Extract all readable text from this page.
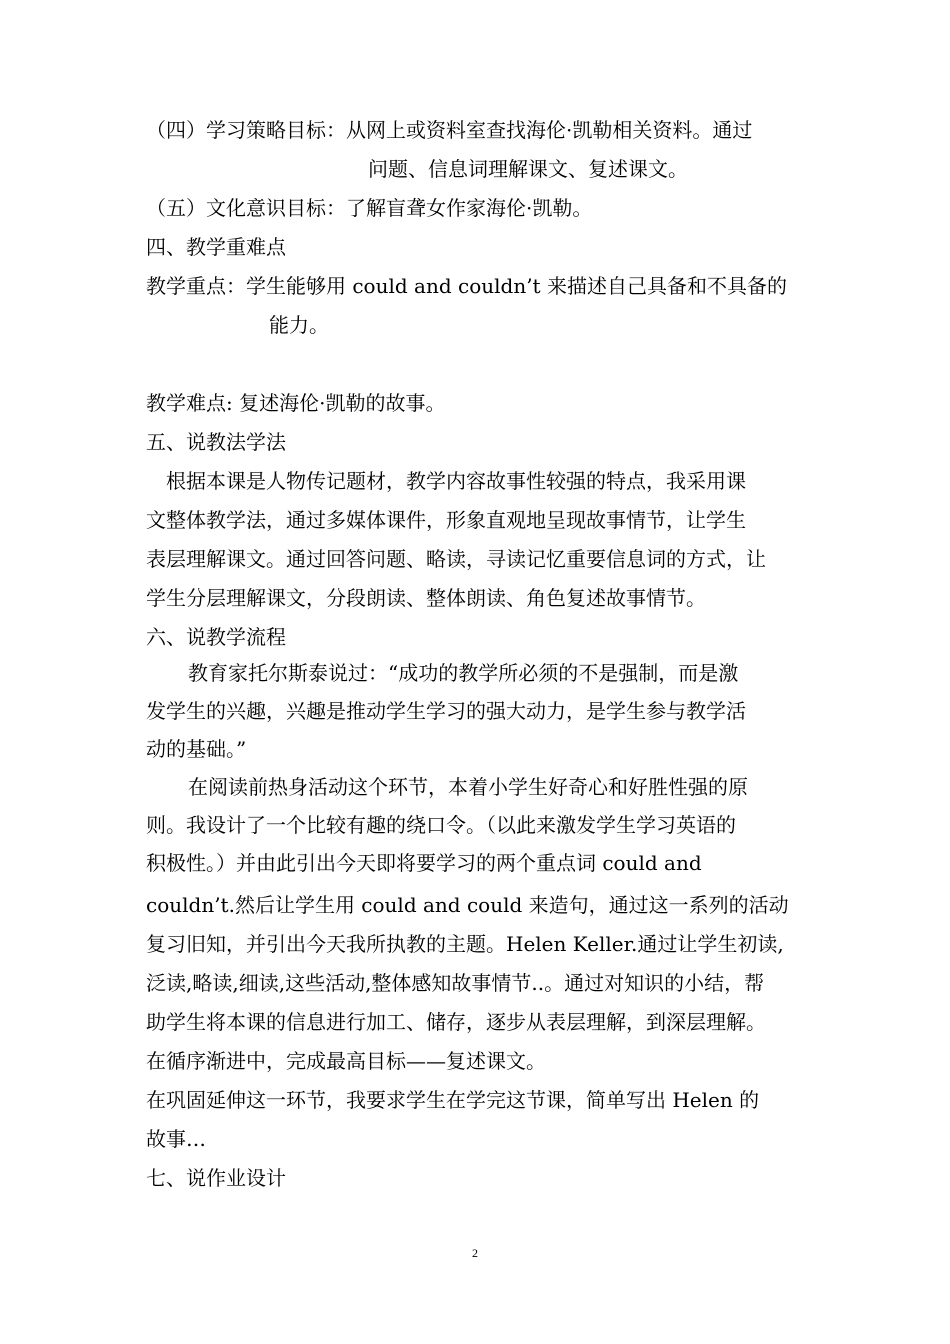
（四）学习策略目标：从网上或资料室查找海伦·凯勒相关资料。通过
问题、信息词理解课文、复述课文。
（五）文化意识目标：了解盲聋女作家海伦·凯勒。
四、教学重难点
教学重点：学生能够用 could and couldn’t 来描述自己具备和不具备的
能力。
教学难点: 复述海伦·凯勒的故事。
五、说教法学法
根据本课是人物传记题材，教学内容故事性较强的特点，我采用课
文整体教学法，通过多媒体课件，形象直观地呈现故事情节，让学生
表层理解课文。通过回答问题、略读，寻读记忆重要信息词的方式，让
学生分层理解课文，分段朗读、整体朗读、角色复述故事情节。
六、说教学流程
教育家托尔斯泰说过：“成功的教学所必须的不是强制，而是激
发学生的兴趣，兴趣是推动学生学习的强大动力，是学生参与教学活
动的基础。”
在阅读前热身活动这个环节，本着小学生好奇心和好胜性强的原
则。我设计了一个比较有趣的绕口令。（以此来激发学生学习英语的
积极性。）并由此引出今天即将要学习的两个重点词 could and
couldn’t.然后让学生用 could and could 来造句，通过这一系列的活动
复习旧知，并引出今天我所执教的主题。Helen Keller.通过让学生初读,
泛读,略读,细读,这些活动,整体感知故事情节..。通过对知识的小结，帮
助学生将本课的信息进行加工、储存，逐步从表层理解，到深层理解。
在循序渐进中，完成最高目标——复述课文。
在巩固延伸这一环节，我要求学生在学完这节课，简单写出 Helen 的
故事…
七、说作业设计
2
